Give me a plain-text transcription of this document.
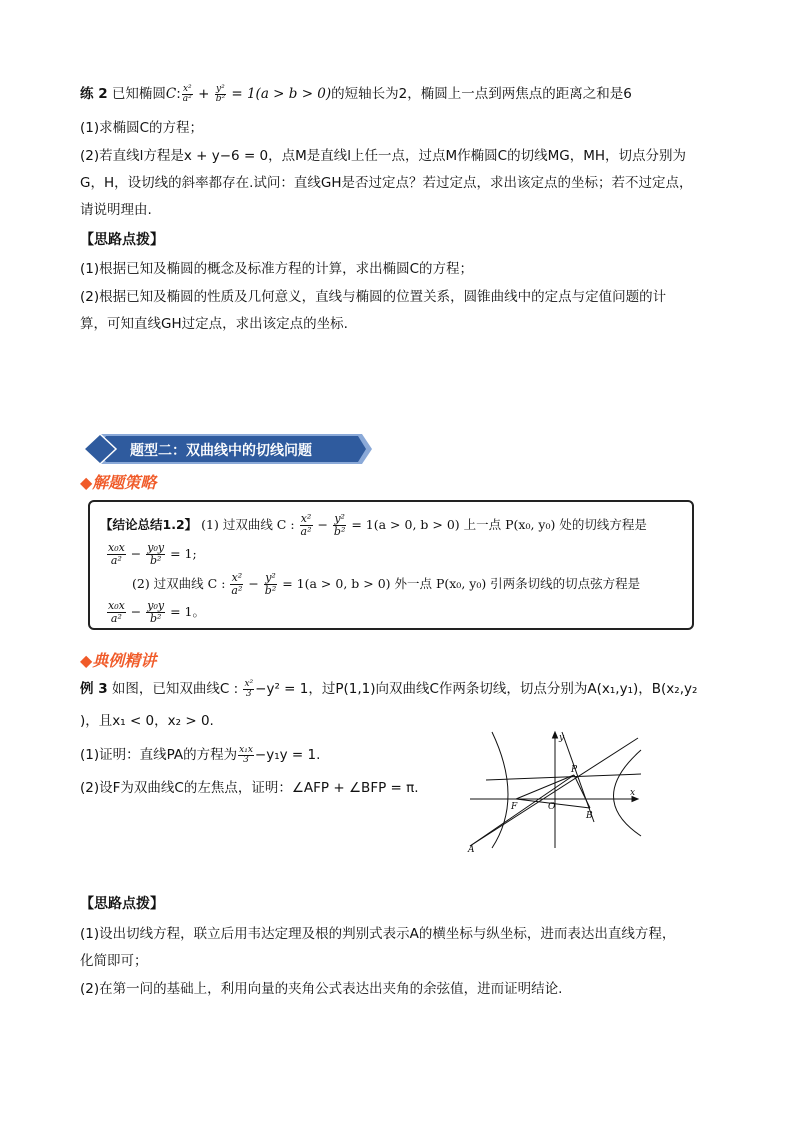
练 2 已知椭圆C: $\frac{\text{x²}}{\text{a²}} + \frac{\text{y²}}{\text{b²}} = 1(a > b > 0)$的短轴长为2，椭圆上一点到两焦点的距离之和是6
(1)求椭圆C的方程；
(2)若直线l方程是x + y−6 = 0，点M是直线l上任一点，过点M作椭圆C的切线MG，MH，切点分别为
G，H，设切线的斜率都存在.试问：直线GH是否过定点？若过定点，求出该定点的坐标；若不过定点，
请说明理由.
【思路点拨】
(1)根据已知及椭圆的概念及标准方程的计算，求出椭圆C的方程；
(2)根据已知及椭圆的性质及几何意义，直线与椭圆的位置关系，圆锥曲线中的定点与定值问题的计
算，可知直线GH过定点，求出该定点的坐标.
题型二：双曲线中的切线问题
◆解题策略
【结论总结1.2】 (1) 过双曲线 C : $\frac{\text{x²}}{\text{a²}} - \frac{\text{y²}}{\text{b²}} = 1(a > 0$, b > 0) 上一点 P(x₀, y₀) 处的切线方程是
$\frac{\text{x₀x}}{\text{a²}} - \frac{\text{y₀y}}{\text{b²}} = 1$;
(2) 过双曲线 C : $\frac{\text{x²}}{\text{a²}} - \frac{\text{y²}}{\text{b²}} = 1(a > 0$, b > 0) 外一点 P(x₀, y₀) 引两条切线的切点弦方程是
$\frac{\text{x₀x}}{\text{a²}} - \frac{\text{y₀y}}{\text{b²}} = 1$。
◆典例精讲
例 3 如图，已知双曲线C : $\frac{\text{x²}}{3} -y^2 = 1$，过P(1,1)向双曲线C作两条切线，切点分别为A(x₁,y₁)，B(x₂,y₂
)，且x₁ < 0，x₂ > 0.
(1)证明：直线PA的方程为 $\frac{\text{x₁x}}{3} -y_1y = 1$.
(2)设F为双曲线C的左焦点，证明：∠AFP + ∠BFP = π.
y
x
P
F	O
B
A
【思路点拨】
(1)设出切线方程，联立后用韦达定理及根的判别式表示A的横坐标与纵坐标，进而表达出直线方程，
化简即可；
(2)在第一问的基础上，利用向量的夹角公式表达出夹角的余弦值，进而证明结论.
